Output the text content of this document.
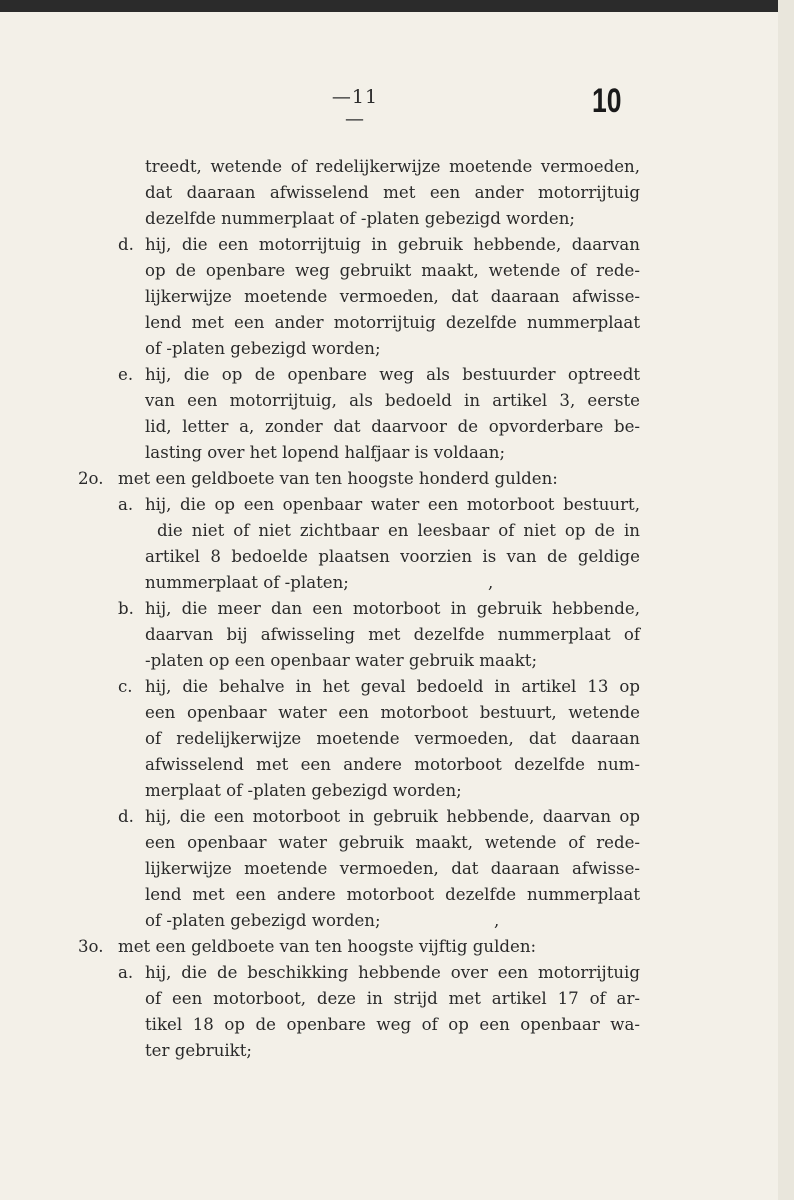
—11—	10
treedt, wetende of redelijkerwijze moetende vermoeden,
dat daaraan afwisselend met een ander motorrijtuig
dezelfde nummerplaat of -platen gebezigd worden;
d. hij, die een motorrijtuig in gebruik hebbende, daarvan
op de openbare weg gebruikt maakt, wetende of rede-
lijkerwijze moetende vermoeden, dat daaraan afwisse-
lend met een ander motorrijtuig dezelfde nummerplaat
of -platen gebezigd worden;
e. hij, die op de openbare weg als bestuurder optreedt
van een motorrijtuig, als bedoeld in artikel 3, eerste
lid, letter a, zonder dat daarvoor de opvorderbare be-
lasting over het lopend halfjaar is voldaan;
2o. met een geldboete van ten hoogste honderd gulden:
a. hij, die op een openbaar water een motorboot bestuurt,
die niet of niet zichtbaar en leesbaar of niet op de in
artikel 8 bedoelde plaatsen voorzien is van de geldige
nummerplaat of -platen;	,
b. hij, die meer dan een motorboot in gebruik hebbende,
daarvan bij afwisseling met dezelfde nummerplaat of
-platen op een openbaar water gebruik maakt;
c. hij, die behalve in het geval bedoeld in artikel 13 op
een openbaar water een motorboot bestuurt, wetende
of redelijkerwijze moetende vermoeden, dat daaraan
afwisselend met een andere motorboot dezelfde num-
merplaat of -platen gebezigd worden;
d. hij, die een motorboot in gebruik hebbende, daarvan op
een openbaar water gebruik maakt, wetende of rede-
lijkerwijze moetende vermoeden, dat daaraan afwisse-
lend met een andere motorboot dezelfde nummerplaat
of -platen gebezigd worden;	,
3o. met een geldboete van ten hoogste vijftig gulden:
a. hij, die de beschikking hebbende over een motorrijtuig
of een motorboot, deze in strijd met artikel 17 of ar-
tikel 18 op de openbare weg of op een openbaar wa-
ter gebruikt;
